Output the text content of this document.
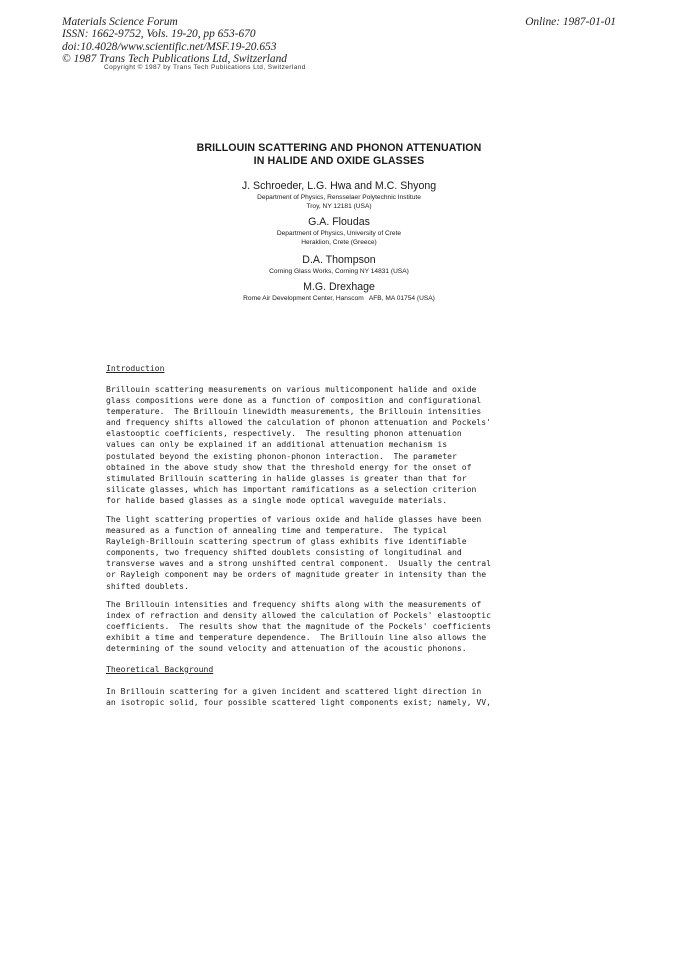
Materials Science Forum
ISSN: 1662-9752, Vols. 19-20, pp 653-670
doi:10.4028/www.scientific.net/MSF.19-20.653
© 1987 Trans Tech Publications Ltd, Switzerland
Online: 1987-01-01
Copyright © 1987 by Trans Tech Publications Ltd, Switzerland
BRILLOUIN SCATTERING AND PHONON ATTENUATION
IN HALIDE AND OXIDE GLASSES
J. Schroeder, L.G. Hwa and M.C. Shyong
Department of Physics, Rensselaer Polytechnic Institute
Troy, NY 12181 (USA)
G.A. Floudas
Department of Physics, University of Crete
Heraklion, Crete (Greece)
D.A. Thompson
Corning Glass Works, Corning NY 14831 (USA)
M.G. Drexhage
Rome Air Development Center, Hanscom   AFB, MA 01754 (USA)
Introduction
Brillouin scattering measurements on various multicomponent halide and oxide
glass compositions were done as a function of composition and configurational
temperature.  The Brillouin linewidth measurements, the Brillouin intensities
and frequency shifts allowed the calculation of phonon attenuation and Pockels'
elastooptic coefficients, respectively.  The resulting phonon attenuation
values can only be explained if an additional attenuation mechanism is
postulated beyond the existing phonon-phonon interaction.  The parameter
obtained in the above study show that the threshold energy for the onset of
stimulated Brillouin scattering in halide glasses is greater than that for
silicate glasses, which has important ramifications as a selection criterion
for halide based glasses as a single mode optical waveguide materials.
The light scattering properties of various oxide and halide glasses have been
measured as a function of annealing time and temperature.  The typical
Rayleigh-Brillouin scattering spectrum of glass exhibits five identifiable
components, two frequency shifted doublets consisting of longitudinal and
transverse waves and a strong unshifted central component.  Usually the central
or Rayleigh component may be orders of magnitude greater in intensity than the
shifted doublets.
The Brillouin intensities and frequency shifts along with the measurements of
index of refraction and density allowed the calculation of Pockels' elastooptic
coefficients.  The results show that the magnitude of the Pockels' coefficients
exhibit a time and temperature dependence.  The Brillouin line also allows the
determining of the sound velocity and attenuation of the acoustic phonons.
Theoretical Background
In Brillouin scattering for a given incident and scattered light direction in
an isotropic solid, four possible scattered light components exist; namely, VV,
